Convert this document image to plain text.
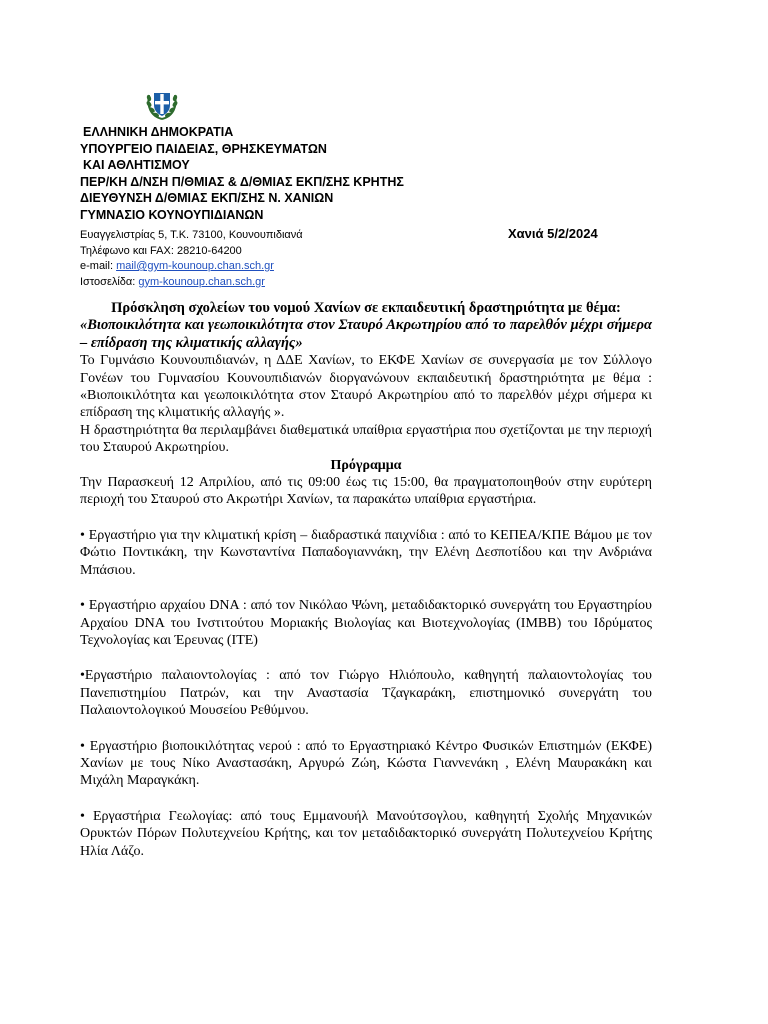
ΕΛΛΗΝΙΚΗ ΔΗΜΟΚΡΑΤΙΑ
ΥΠΟΥΡΓΕΙΟ ΠΑΙΔΕΙΑΣ, ΘΡΗΣΚΕΥΜΑΤΩΝ
ΚΑΙ ΑΘΛΗΤΙΣΜΟΥ
ΠΕΡ/ΚΗ Δ/ΝΣΗ Π/ΘΜΙΑΣ & Δ/ΘΜΙΑΣ ΕΚΠ/ΣΗΣ ΚΡΗΤΗΣ
ΔΙΕΥΘΥΝΣΗ Δ/ΘΜΙΑΣ ΕΚΠ/ΣΗΣ Ν. ΧΑΝΙΩΝ
ΓΥΜΝΑΣΙΟ ΚΟΥΝΟΥΠΙΔΙΑΝΩΝ
Χανιά 5/2/2024
Ευαγγελιστρίας 5, Τ.Κ. 73100, Κουνουπιδιανά
Τηλέφωνο και FAX: 28210-64200
e-mail: mail@gym-kounoup.chan.sch.gr
Ιστοσελίδα: gym-kounoup.chan.sch.gr

Πρόσκληση σχολείων του νομού Χανίων σε εκπαιδευτική δραστηριότητα με θέμα:

«Βιοποικιλότητα και γεωποικιλότητα στον Σταυρό Ακρωτηρίου από το παρελθόν μέχρι σήμερα – επίδραση της κλιματικής αλλαγής»

Το Γυμνάσιο Κουνουπιδιανών, η ΔΔΕ Χανίων, το ΕΚΦΕ Χανίων σε συνεργασία με τον Σύλλογο Γονέων του Γυμνασίου Κουνουπιδιανών διοργανώνουν εκπαιδευτική δραστηριότητα με θέμα : «Βιοποικιλότητα και γεωποικιλότητα στον Σταυρό Ακρωτηρίου από το παρελθόν μέχρι σήμερα κι επίδραση της κλιματικής αλλαγής ».

Η δραστηριότητα θα περιλαμβάνει διαθεματικά υπαίθρια εργαστήρια που σχετίζονται με την περιοχή του Σταυρού Ακρωτηρίου.

Πρόγραμμα

Την Παρασκευή 12 Απριλίου, από τις 09:00 έως τις 15:00, θα πραγματοποιηθούν στην ευρύτερη περιοχή του Σταυρού στο Ακρωτήρι Χανίων, τα παρακάτω υπαίθρια εργαστήρια.

• Εργαστήριο για την κλιματική κρίση – διαδραστικά παιχνίδια : από το ΚΕΠΕΑ/ΚΠΕ Βάμου με τον Φώτιο Ποντικάκη, την Κωνσταντίνα Παπαδογιαννάκη, την Ελένη Δεσποτίδου και την Ανδριάνα Μπάσιου.

• Εργαστήριο αρχαίου DNA : από τον Νικόλαο Ψώνη, μεταδιδακτορικό συνεργάτη του Εργαστηρίου Αρχαίου DNA του Ινστιτούτου Μοριακής Βιολογίας και Βιοτεχνολογίας (IMBB) του Ιδρύματος Τεχνολογίας και Έρευνας (ΙΤΕ)

•Εργαστήριο παλαιοντολογίας : από τον Γιώργο Ηλιόπουλο, καθηγητή παλαιοντολογίας του Πανεπιστημίου Πατρών, και την Αναστασία Τζαγκαράκη, επιστημονικό συνεργάτη του Παλαιοντολογικού Μουσείου Ρεθύμνου.

• Εργαστήριο βιοποικιλότητας νερού : από το Εργαστηριακό Κέντρο Φυσικών Επιστημών (ΕΚΦΕ) Χανίων με τους Νίκο Αναστασάκη, Αργυρώ Ζώη, Κώστα Γιαννενάκη , Ελένη Μαυρακάκη και Μιχάλη Μαραγκάκη.

• Εργαστήρια Γεωλογίας: από τους Εμμανουήλ Μανούτσογλου, καθηγητή Σχολής Μηχανικών Ορυκτών Πόρων Πολυτεχνείου Κρήτης, και τον μεταδιδακτορικό συνεργάτη Πολυτεχνείου Κρήτης Ηλία Λάζο.
